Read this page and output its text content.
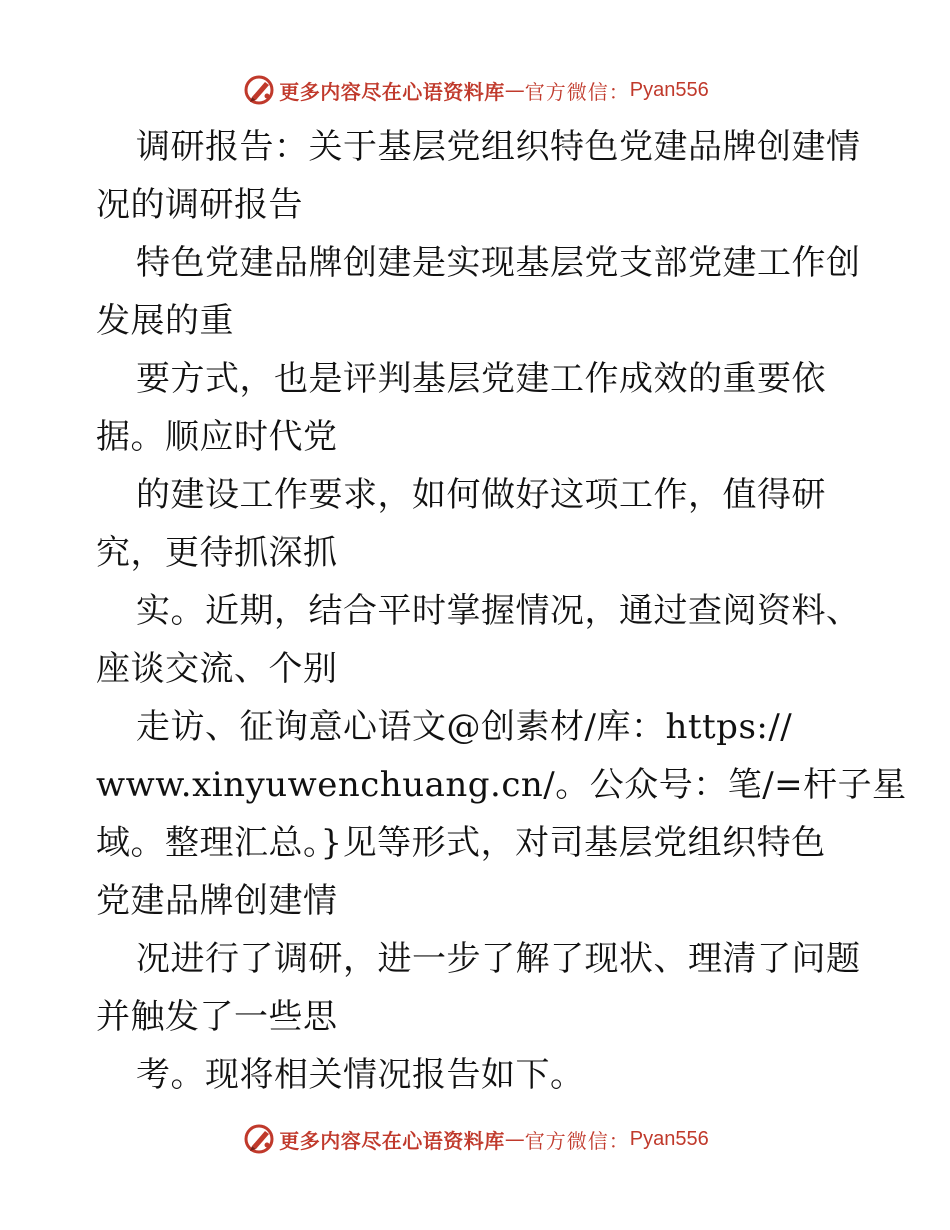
更多内容尽在心语资料库 — 官方微信： Pyan556
调研报告：关于基层党组织特色党建品牌创建情
况的调研报告
特色党建品牌创建是实现基层党支部党建工作创
发展的重
要方式，也是评判基层党建工作成效的重要依
据。顺应时代党
的建设工作要求，如何做好这项工作，值得研
究，更待抓深抓
实。近期，结合平时掌握情况，通过查阅资料、
座谈交流、个别
走访、征询意心语文@创素材/库：https://
www.xinyuwenchuang.cn/。公众号：笔/=杆子星
域。整理汇总。}见等形式，对司基层党组织特色
党建品牌创建情
况进行了调研，进一步了解了现状、理清了问题
并触发了一些思
考。现将相关情况报告如下。
更多内容尽在心语资料库 — 官方微信： Pyan556
